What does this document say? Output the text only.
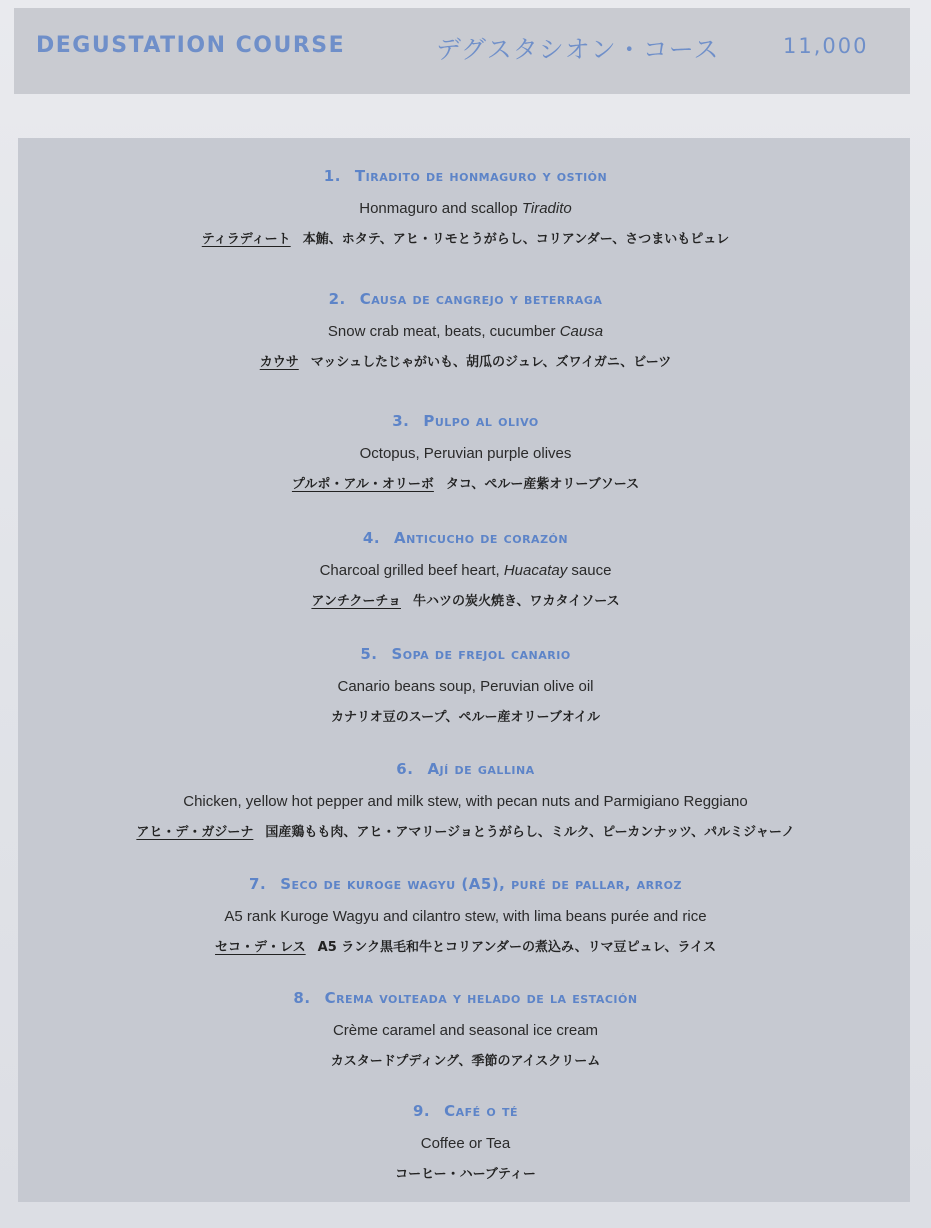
DEGUSTATION COURSE	デグスタシオン・コース	11,000
1. Tiradito de honmaguro y ostión
Honmaguro and scallop Tiradito
ティラディート 本鮪、ホタテ、アヒ・リモとうがらし、コリアンダー、さつまいもピュレ
2. Causa de cangrejo y beterraga
Snow crab meat, beats, cucumber Causa
カウサ マッシュしたじゃがいも、胡瓜のジュレ、ズワイガニ、ビーツ
3. Pulpo al olivo
Octopus, Peruvian purple olives
プルポ・アル・オリーボ タコ、ペルー産紫オリーブソース
4. Anticucho de corazón
Charcoal grilled beef heart, Huacatay sauce
アンチクーチョ 牛ハツの炭火焼き、ワカタイソース
5. Sopa de frejol canario
Canario beans soup, Peruvian olive oil
カナリオ豆のスープ、ペルー産オリーブオイル
6. Ají de gallina
Chicken, yellow hot pepper and milk stew, with pecan nuts and Parmigiano Reggiano
アヒ・デ・ガジーナ 国産鶏もも肉、アヒ・アマリージョとうがらし、ミルク、ピーカンナッツ、パルミジャーノ
7. Seco de kuroge wagyu (A5), puré de pallar, arroz
A5 rank Kuroge Wagyu and cilantro stew, with lima beans purée and rice
セコ・デ・レス A5 ランク黒毛和牛とコリアンダーの煮込み、リマ豆ピュレ、ライス
8. Crema volteada y helado de la estación
Crème caramel and seasonal ice cream
カスタードプディング、季節のアイスクリーム
9. Café o té
Coffee or Tea
コーヒー・ハーブティー
